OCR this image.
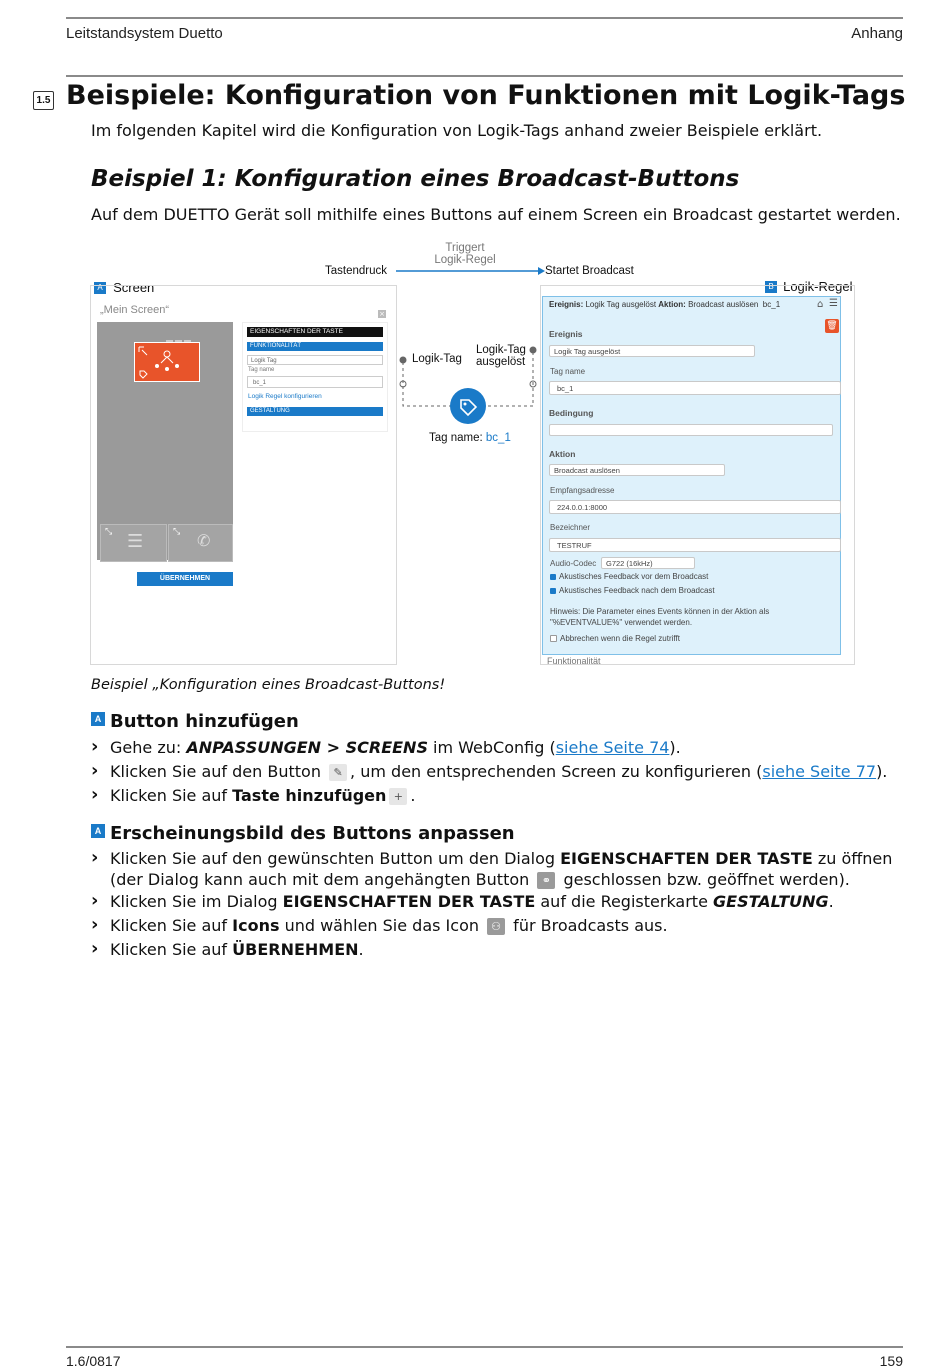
Leitstandsystem Duetto	Anhang
1.5 Beispiele: Konfiguration von Funktionen mit Logik-Tags
Im folgenden Kapitel wird die Konfiguration von Logik-Tags anhand zweier Beispiele erklärt.
Beispiel 1: Konfiguration eines Broadcast-Buttons
Auf dem DUETTO Gerät soll mithilfe eines Buttons auf einem Screen ein Broadcast gestartet werden.
Triggert
Logik-Regel
Tastendruck	Startet Broadcast
A Screen	B Logik-Regel
„Mein Screen“	×
⤡ ☰	⤡ ✆
ÜBERNEHMEN
EIGENSCHAFTEN DER TASTE
FUNKTIONALITÄT
Logik Tag
Tag name
bc_1
Logik Regel konfigurieren
GESTALTUNG
Logik-Tag
Logik-Tag
ausgelöst
Tag name: bc_1
Ereignis: Logik Tag ausgelöst Aktion: Broadcast auslösen bc_1	⌂ ☰
🗑
Ereignis
Logik Tag ausgelöst
Tag name
bc_1
Bedingung
Aktion
Broadcast auslösen
Empfangsadresse
224.0.0.1:8000
Bezeichner
TESTRUF
Audio-Codec	G722 (16kHz)
Akustisches Feedback vor dem Broadcast
Akustisches Feedback nach dem Broadcast
Hinweis: Die Parameter eines Events können in der Aktion als "%EVENTVALUE%" verwendet werden.
Abbrechen wenn die Regel zutrifft
Funktionalität
Beispiel „Konfiguration eines Broadcast-Buttons!
A Button hinzufügen
› Gehe zu: ANPASSUNGEN > SCREENS im WebConfig (siehe Seite 74).
› Klicken Sie auf den Button ✎ , um den entsprechenden Screen zu konfigurieren (siehe Seite 77).
› Klicken Sie auf Taste hinzufügen + .
A Erscheinungsbild des Buttons anpassen
› Klicken Sie auf den gewünschten Button um den Dialog EIGENSCHAFTEN DER TASTE zu öffnen (der Dialog kann auch mit dem angehängten Button ⚭ geschlossen bzw. geöffnet werden).
› Klicken Sie im Dialog EIGENSCHAFTEN DER TASTE auf die Registerkarte GESTALTUNG.
› Klicken Sie auf Icons und wählen Sie das Icon ⚇ für Broadcasts aus.
› Klicken Sie auf ÜBERNEHMEN.
1.6/0817	159
